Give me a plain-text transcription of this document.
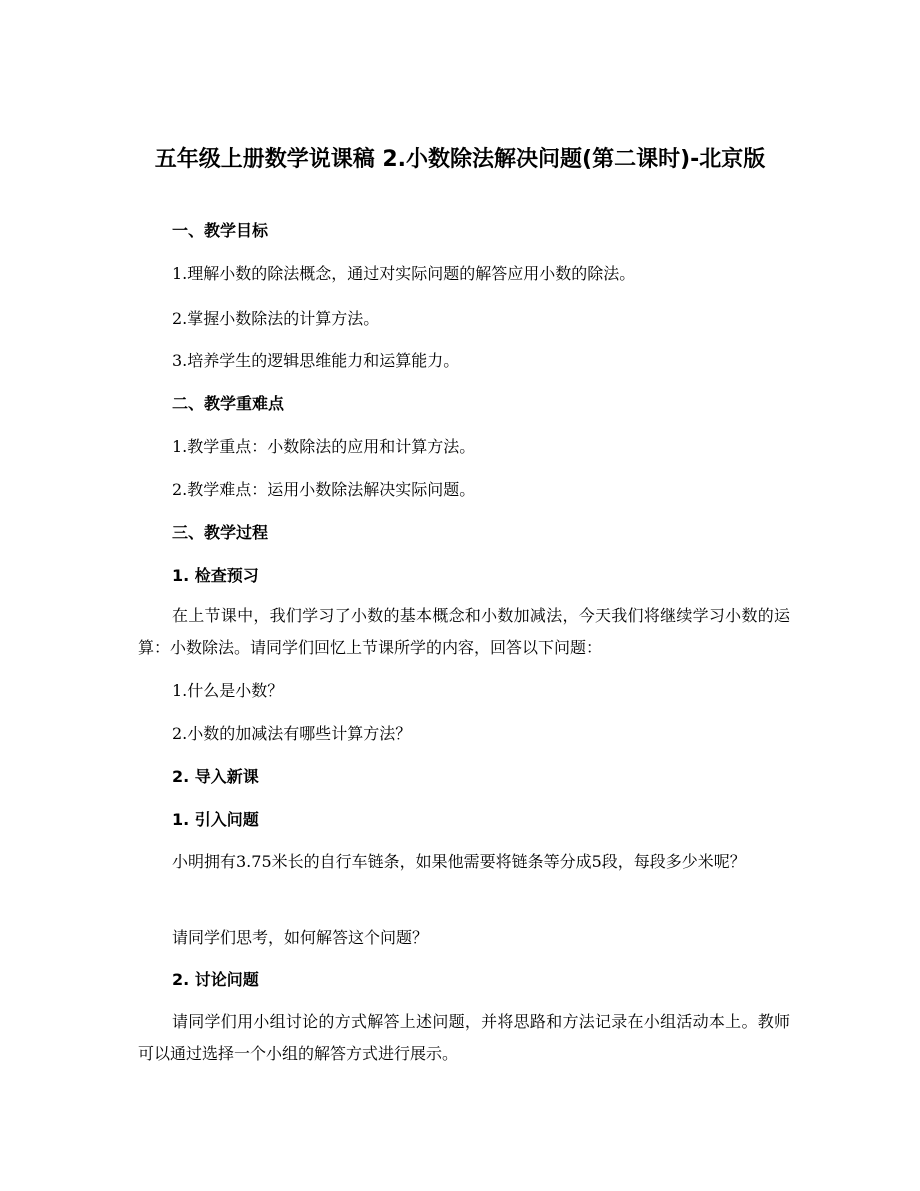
五年级上册数学说课稿 2.小数除法解决问题(第二课时)-北京版
一、教学目标
1.理解小数的除法概念，通过对实际问题的解答应用小数的除法。
2.掌握小数除法的计算方法。
3.培养学生的逻辑思维能力和运算能力。
二、教学重难点
1.教学重点：小数除法的应用和计算方法。
2.教学难点：运用小数除法解决实际问题。
三、教学过程
1. 检查预习
在上节课中，我们学习了小数的基本概念和小数加减法，今天我们将继续学习小数的运算：小数除法。请同学们回忆上节课所学的内容，回答以下问题：
1.什么是小数？
2.小数的加减法有哪些计算方法？
2. 导入新课
1. 引入问题
小明拥有3.75米长的自行车链条，如果他需要将链条等分成5段，每段多少米呢？
请同学们思考，如何解答这个问题？
2. 讨论问题
请同学们用小组讨论的方式解答上述问题，并将思路和方法记录在小组活动本上。教师可以通过选择一个小组的解答方式进行展示。
